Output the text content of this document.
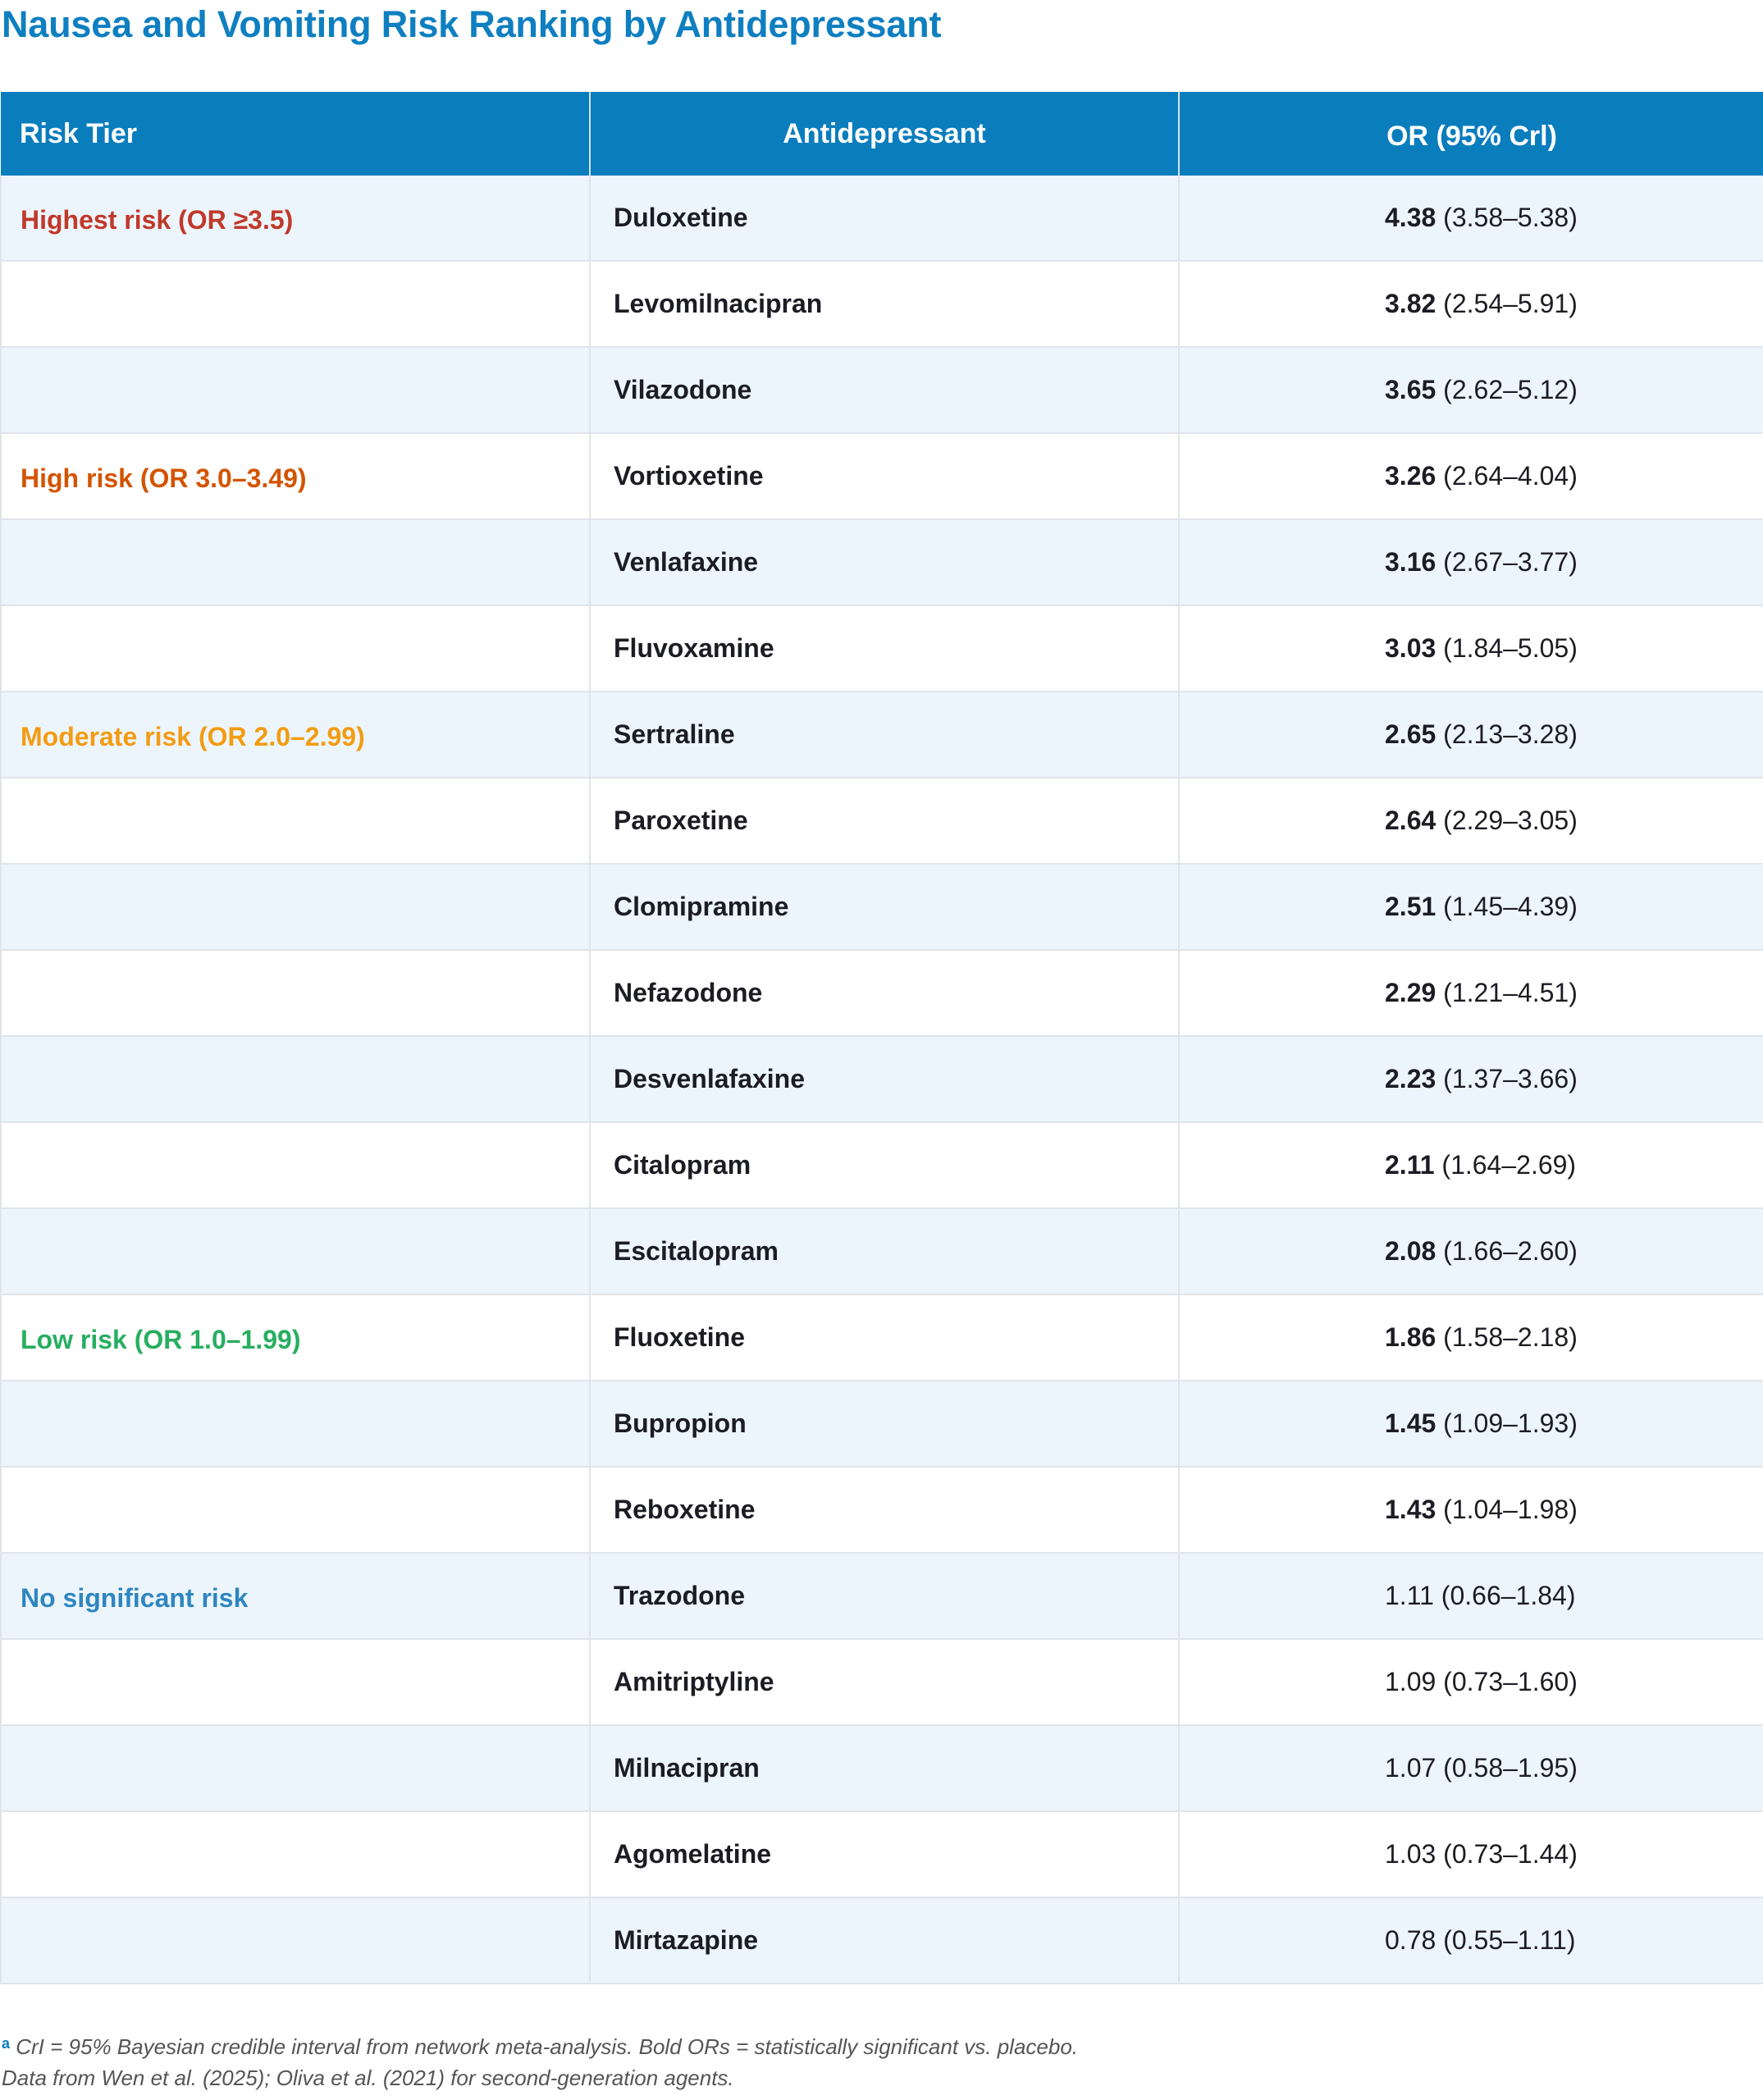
Nausea and Vomiting Risk Ranking by Antidepressant
Risk Tier	Antidepressant	OR (95% Crl)
Highest risk (OR ≥3.5)	Duloxetine	4.38 (3.58–5.38)
	Levomilnacipran	3.82 (2.54–5.91)
	Vilazodone	3.65 (2.62–5.12)
High risk (OR 3.0–3.49)	Vortioxetine	3.26 (2.64–4.04)
	Venlafaxine	3.16 (2.67–3.77)
	Fluvoxamine	3.03 (1.84–5.05)
Moderate risk (OR 2.0–2.99)	Sertraline	2.65 (2.13–3.28)
	Paroxetine	2.64 (2.29–3.05)
	Clomipramine	2.51 (1.45–4.39)
	Nefazodone	2.29 (1.21–4.51)
	Desvenlafaxine	2.23 (1.37–3.66)
	Citalopram	2.11 (1.64–2.69)
	Escitalopram	2.08 (1.66–2.60)
Low risk (OR 1.0–1.99)	Fluoxetine	1.86 (1.58–2.18)
	Bupropion	1.45 (1.09–1.93)
	Reboxetine	1.43 (1.04–1.98)
No significant risk	Trazodone	1.11 (0.66–1.84)
	Amitriptyline	1.09 (0.73–1.60)
	Milnacipran	1.07 (0.58–1.95)
	Agomelatine	1.03 (0.73–1.44)
	Mirtazapine	0.78 (0.55–1.11)
$^a$ CrI = 95% Bayesian credible interval from network meta-analysis. Bold ORs = statistically significant vs. placebo.
Data from Wen et al. (2025); Oliva et al. (2021) for second-generation agents.
